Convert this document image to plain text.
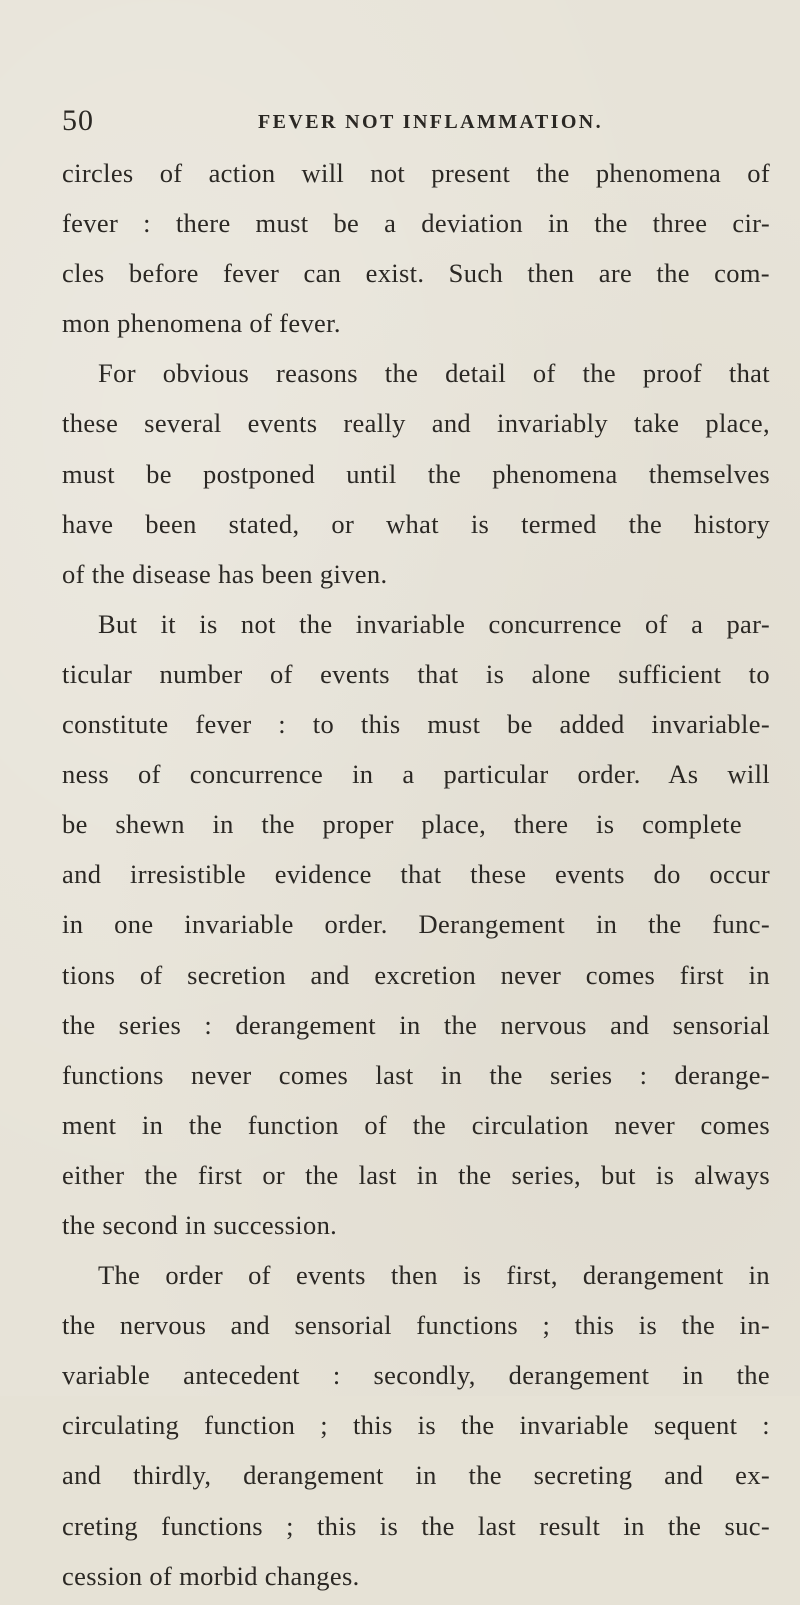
50	FEVER NOT INFLAMMATION.
circles of action will not present the phenomena of
fever : there must be a deviation in the three cir-
cles before fever can exist. Such then are the com-
mon phenomena of fever.
For obvious reasons the detail of the proof that
these several events really and invariably take place,
must be postponed until the phenomena themselves
have been stated, or what is termed the history
of the disease has been given.
But it is not the invariable concurrence of a par-
ticular number of events that is alone sufficient to
constitute fever : to this must be added invariable-
ness of concurrence in a particular order. As will
be shewn in the proper place, there is complete
and irresistible evidence that these events do occur
in one invariable order. Derangement in the func-
tions of secretion and excretion never comes first in
the series : derangement in the nervous and sensorial
functions never comes last in the series : derange-
ment in the function of the circulation never comes
either the first or the last in the series, but is always
the second in succession.
The order of events then is first, derangement in
the nervous and sensorial functions ; this is the in-
variable antecedent : secondly, derangement in the
circulating function ; this is the invariable sequent :
and thirdly, derangement in the secreting and ex-
creting functions ; this is the last result in the suc-
cession of morbid changes.
